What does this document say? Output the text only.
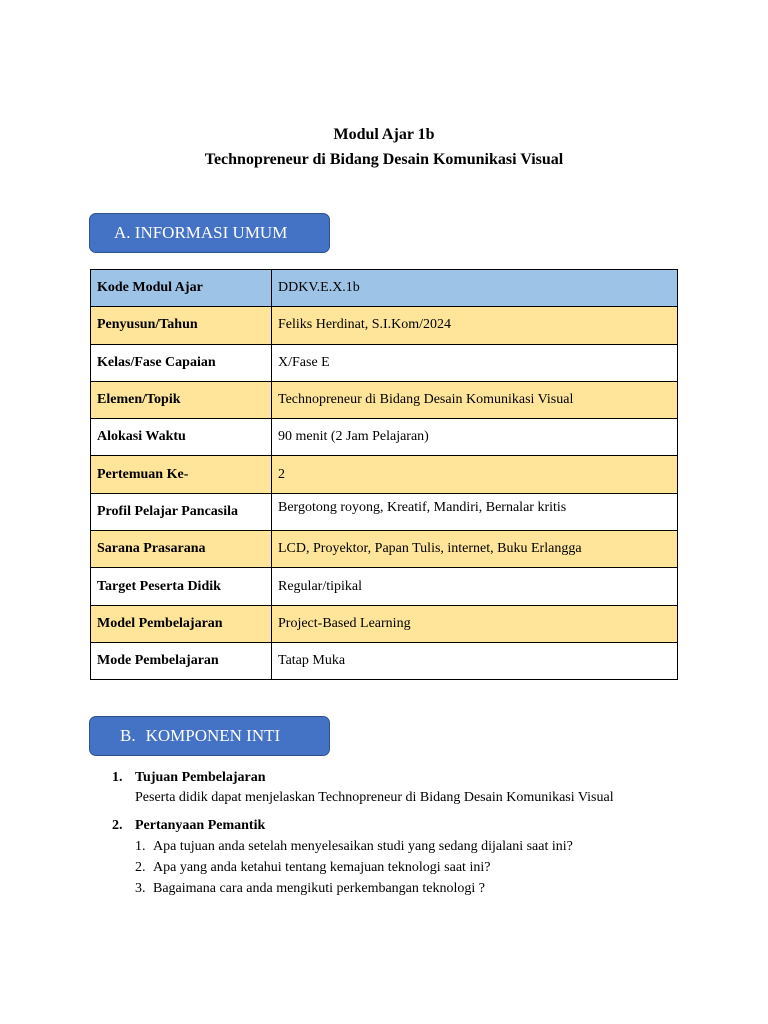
Modul Ajar 1b
Technopreneur di Bidang Desain Komunikasi Visual
A. INFORMASI UMUM
Kode Modul Ajar	DDKV.E.X.1b
Penyusun/Tahun	Feliks Herdinat, S.I.Kom/2024
Kelas/Fase Capaian	X/Fase E
Elemen/Topik	Technopreneur di Bidang Desain Komunikasi Visual
Alokasi Waktu	90 menit (2 Jam Pelajaran)
Pertemuan Ke-	2
Profil Pelajar Pancasila	Bergotong royong, Kreatif, Mandiri, Bernalar kritis
Sarana Prasarana	LCD, Proyektor, Papan Tulis, internet, Buku Erlangga
Target Peserta Didik	Regular/tipikal
Model Pembelajaran	Project-Based Learning
Mode Pembelajaran	Tatap Muka
B. KOMPONEN INTI
1. Tujuan Pembelajaran
Peserta didik dapat menjelaskan Technopreneur di Bidang Desain Komunikasi Visual
2. Pertanyaan Pemantik
1. Apa tujuan anda setelah menyelesaikan studi yang sedang dijalani saat ini?
2. Apa yang anda ketahui tentang kemajuan teknologi saat ini?
3. Bagaimana cara anda mengikuti perkembangan teknologi ?
